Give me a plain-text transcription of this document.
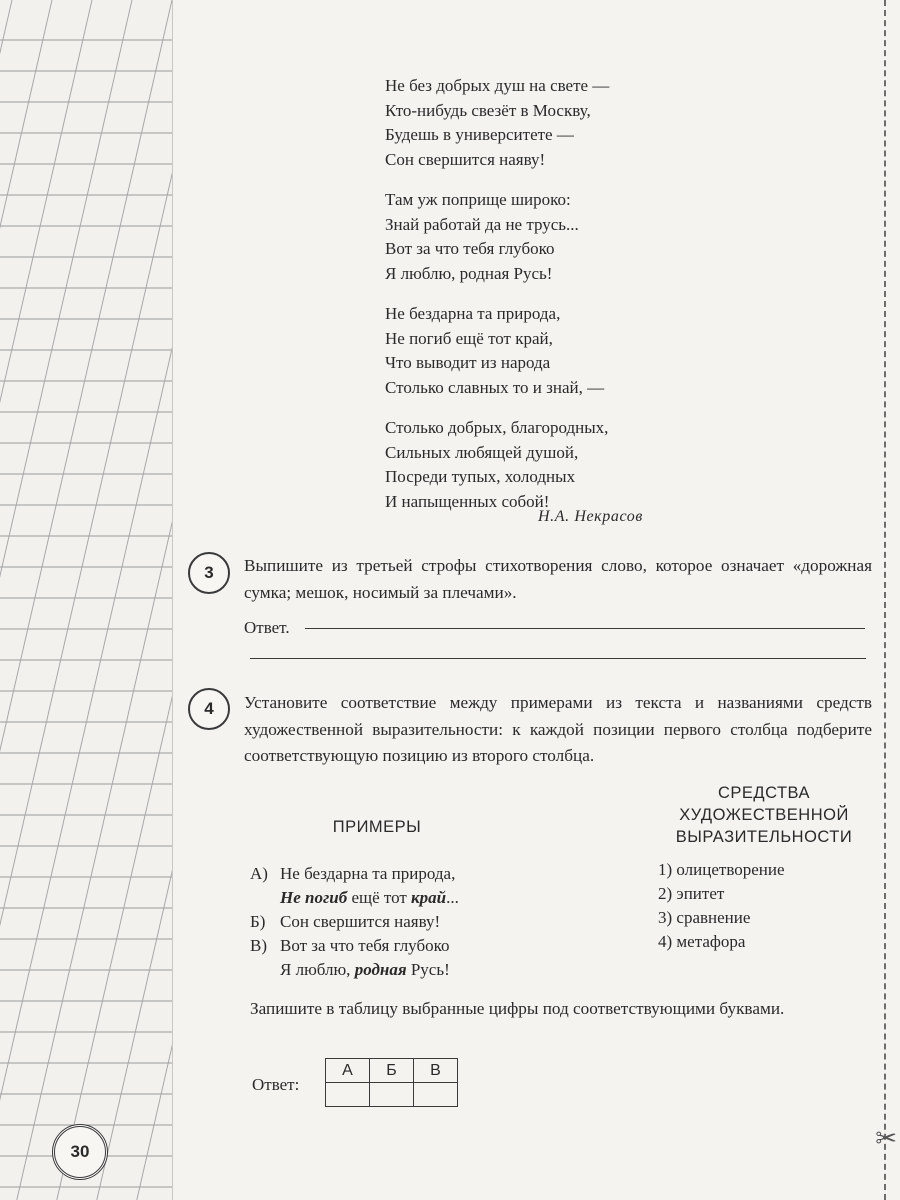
✂
Не без добрых душ на свете —
Кто-нибудь свезёт в Москву,
Будешь в университете —
Сон свершится наяву!
Там уж поприще широко:
Знай работай да не трусь...
Вот за что тебя глубоко
Я люблю, родная Русь!
Не бездарна та природа,
Не погиб ещё тот край,
Что выводит из народа
Столько славных то и знай, —
Столько добрых, благородных,
Сильных любящей душой,
Посреди тупых, холодных
И напыщенных собой!
Н.А. Некрасов
3	Выпишите из третьей строфы стихотворения слово, которое означает «дорожная сумка; мешок, носимый за плечами».
Ответ.
4	Установите соответствие между примерами из текста и названиями средств художественной выразительности: к каждой позиции первого столбца подберите соответствующую позицию из второго столбца.
ПРИМЕРЫ
СРЕДСТВА
ХУДОЖЕСТВЕННОЙ
ВЫРАЗИТЕЛЬНОСТИ
А) Не бездарна та природа,
Не погиб ещё тот край...
Б) Сон свершится наяву!
В) Вот за что тебя глубоко
Я люблю, родная Русь!
1) олицетворение
2) эпитет
3) сравнение
4) метафора
Запишите в таблицу выбранные цифры под соответствующими буквами.
Ответ:
А	Б	В

30
